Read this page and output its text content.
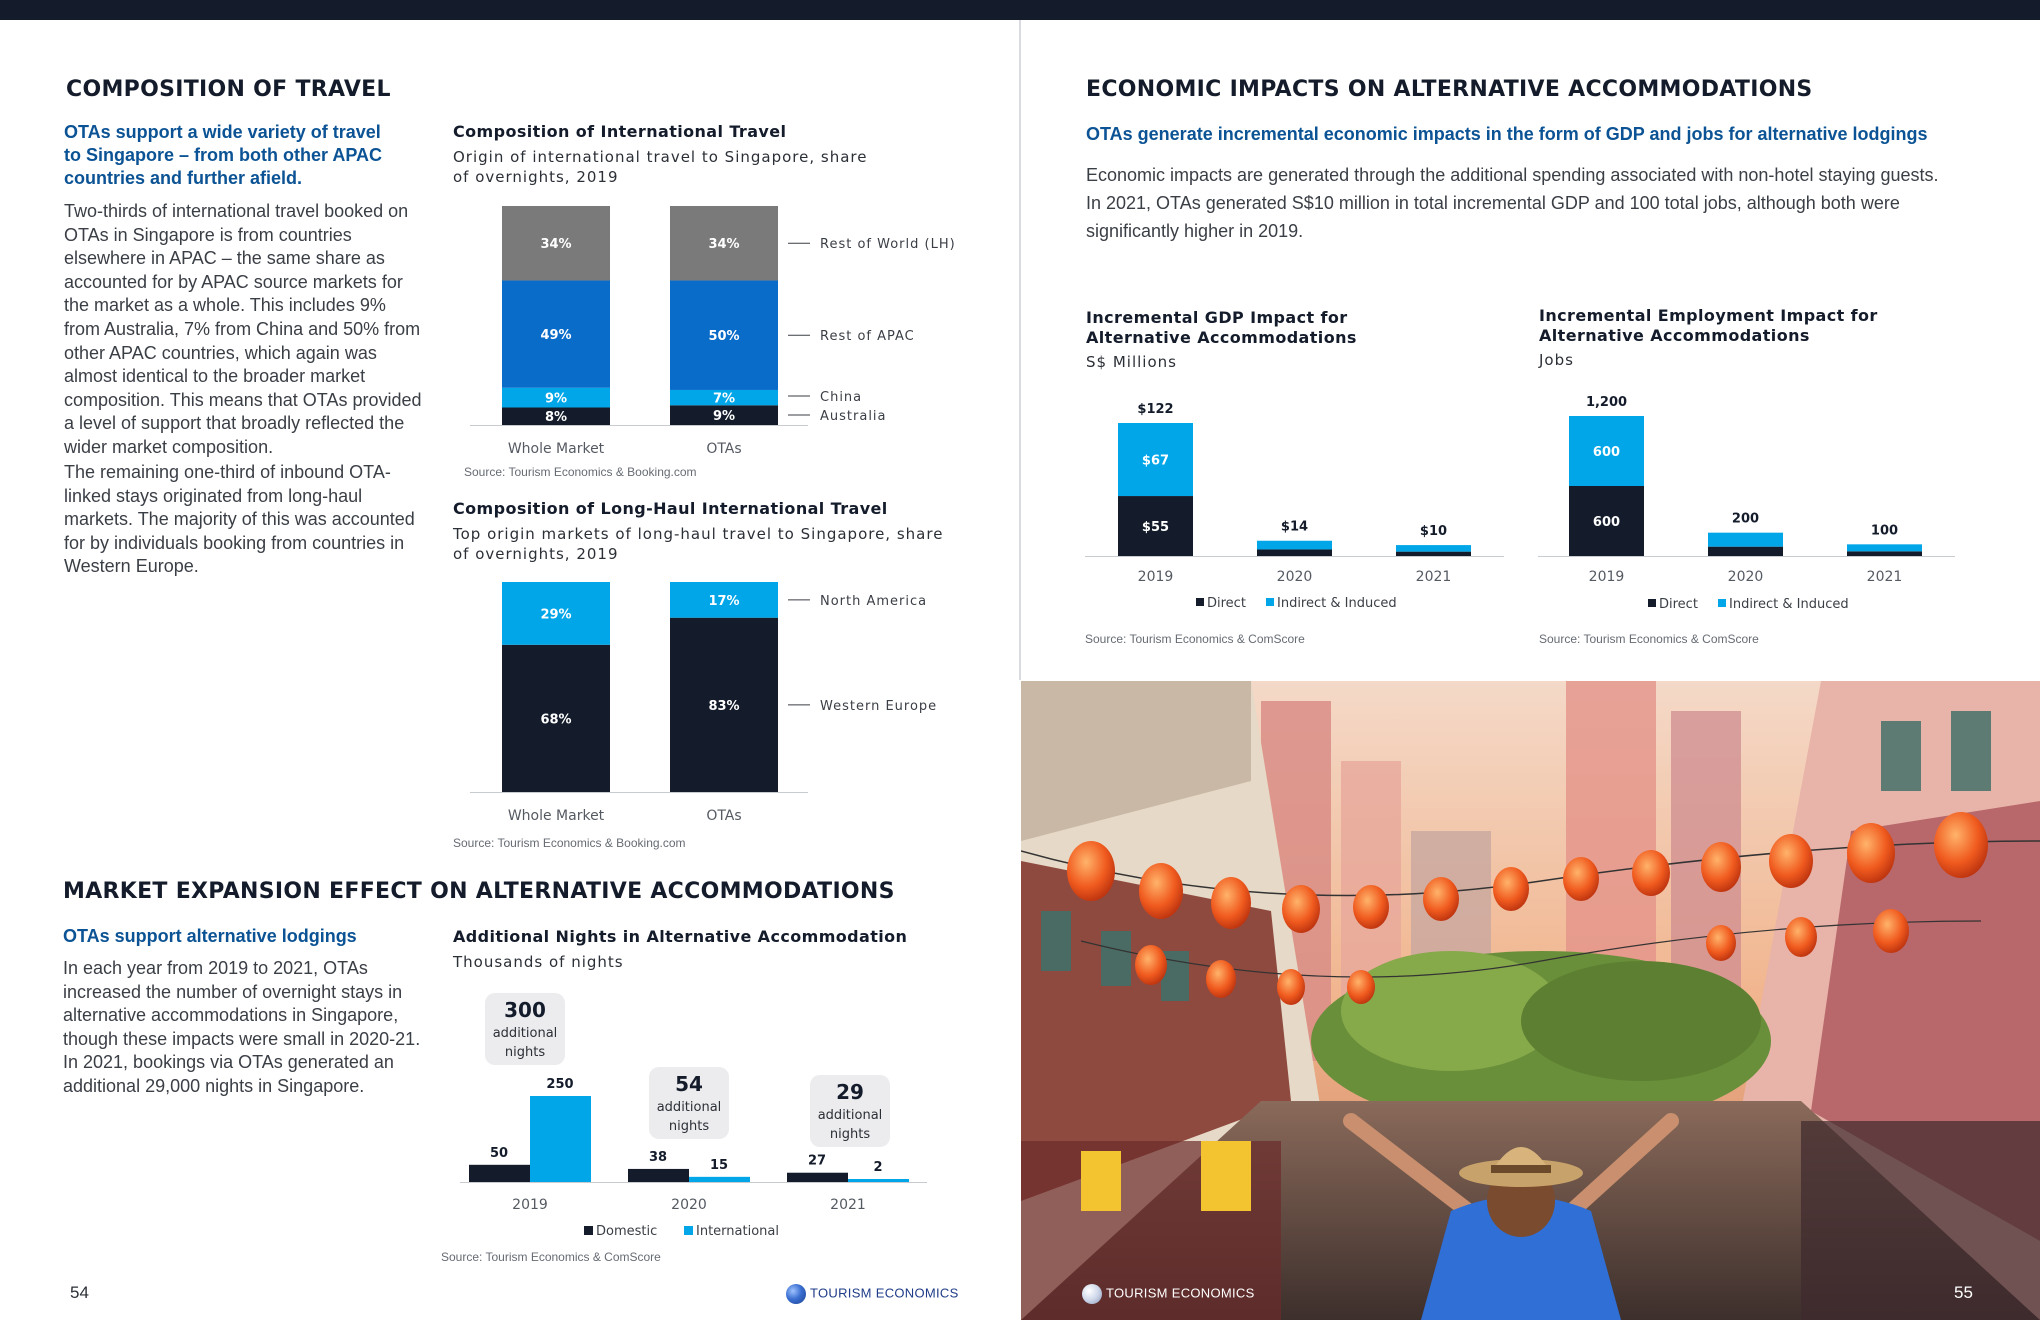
COMPOSITION OF TRAVEL
OTAs support a wide variety of travel to Singapore – from both other APAC countries and further afield.
Two-thirds of international travel booked on OTAs in Singapore is from countries elsewhere in APAC – the same share as accounted for by APAC source markets for the market as a whole. This includes 9% from Australia, 7% from China and 50% from other APAC countries, which again was almost identical to the broader market composition. This means that OTAs provided a level of support that broadly reflected the wider market composition.
The remaining one-third of inbound OTA-linked stays originated from long-haul markets. The majority of this was accounted for by individuals booking from countries in Western Europe.
Composition of International Travel
Origin of international travel to Singapore, share of overnights, 2019
8%
9%
49%
34%
Whole Market
9%
7%
50%
34%
OTAs
Australia
China
Rest of APAC
Rest of World (LH)
Source: Tourism Economics & Booking.com
Composition of Long-Haul International Travel
Top origin markets of long-haul travel to Singapore, share of overnights, 2019
68%
29%
Whole Market
83%
17%
OTAs
Western Europe
North America
Source: Tourism Economics & Booking.com
MARKET EXPANSION EFFECT ON ALTERNATIVE ACCOMMODATIONS
OTAs support alternative lodgings
In each year from 2019 to 2021, OTAs increased the number of overnight stays in alternative accommodations in Singapore, though these impacts were small in 2020-21. In 2021, bookings via OTAs generated an additional 29,000 nights in Singapore.
Additional Nights in Alternative Accommodation
Thousands of nights
50
250
2019
300
additional
nights
38
15
2020
54
additional
nights
27	2
2021
29
additional
nights
Domestic	International
Source: Tourism Economics & ComScore
54	TOURISM ECONOMICS
ECONOMIC IMPACTS ON ALTERNATIVE ACCOMMODATIONS
OTAs generate incremental economic impacts in the form of GDP and jobs for alternative lodgings
Economic impacts are generated through the additional spending associated with non-hotel staying guests. In 2021, OTAs generated S$10 million in total incremental GDP and 100 total jobs, although both were significantly higher in 2019.
Incremental GDP Impact for Alternative Accommodations
S$ Millions
$55
$67
$122
2019
$14
2020
$10
2021
Direct Indirect & Induced
Source: Tourism Economics & ComScore
Incremental Employment Impact for Alternative Accommodations
Jobs
600
600
1,200
2019
200
2020
100
2021
Direct Indirect & Induced
Source: Tourism Economics & ComScore
TOURISM ECONOMICS	55
